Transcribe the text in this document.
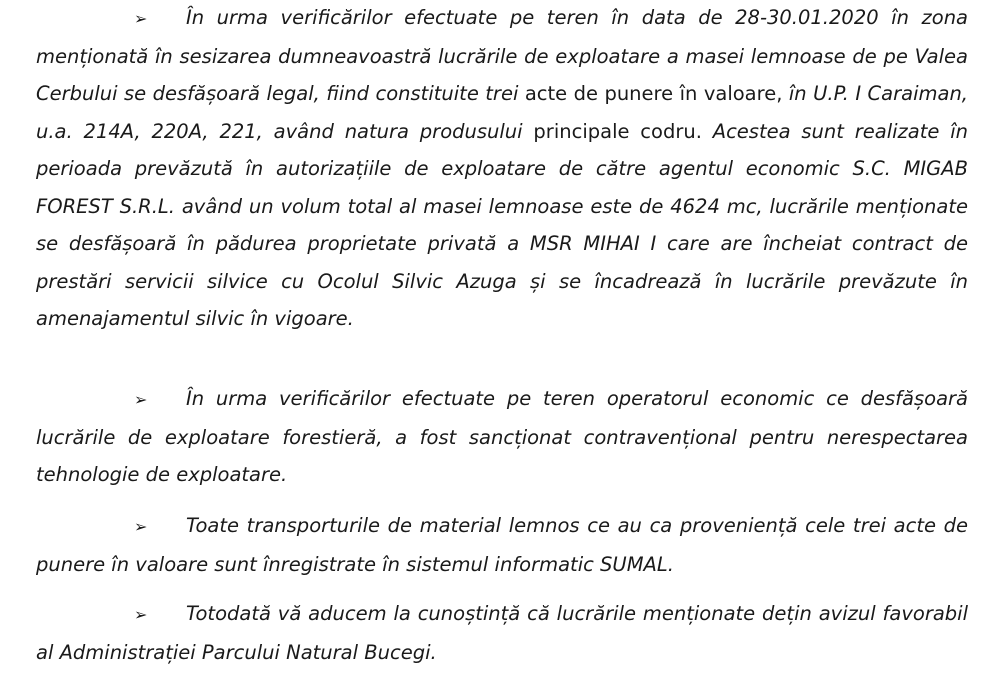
➢ În urma verificărilor efectuate pe teren în data de 28-30.01.2020 în zona menționată în sesizarea dumneavoastră lucrările de exploatare a masei lemnoase de pe Valea Cerbului se desfășoară legal, fiind constituite trei acte de punere în valoare, în U.P. I Caraiman, u.a. 214A, 220A, 221, având natura produsului principale codru. Acestea sunt realizate în perioada prevăzută în autorizațiile de exploatare de către agentul economic S.C. MIGAB FOREST S.R.L. având un volum total al masei lemnoase este de 4624 mc, lucrările menționate se desfășoară în pădurea proprietate privată a MSR MIHAI I care are încheiat contract de prestări servicii silvice cu Ocolul Silvic Azuga și se încadrează în lucrările prevăzute în amenajamentul silvic în vigoare.

➢ În urma verificărilor efectuate pe teren operatorul economic ce desfășoară lucrările de exploatare forestieră, a fost sancționat contravențional pentru nerespectarea tehnologie de exploatare.

➢ Toate transporturile de material lemnos ce au ca proveniență cele trei acte de punere în valoare sunt înregistrate în sistemul informatic SUMAL.

➢ Totodată vă aducem la cunoștință că lucrările menționate dețin avizul favorabil al Administrației Parcului Natural Bucegi.
